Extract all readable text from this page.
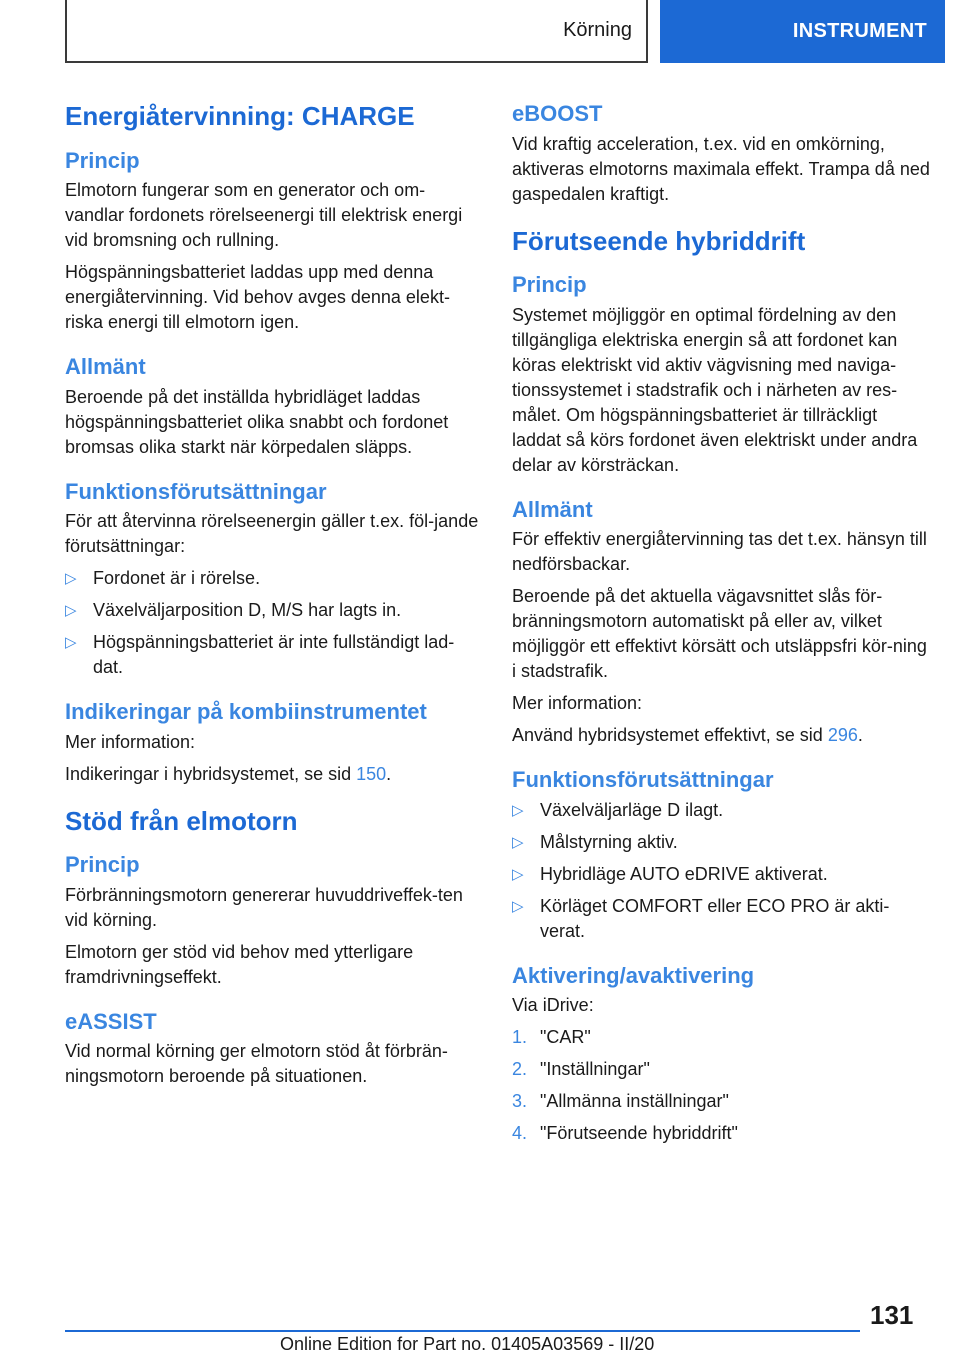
Körning	INSTRUMENT
Energiåtervinning: CHARGE
Princip

Elmotorn fungerar som en generator och om-vandlar fordonets rörelseenergi till elektrisk energi vid bromsning och rullning.

Högspänningsbatteriet laddas upp med denna energiåtervinning. Vid behov avges denna elekt-riska energi till elmotorn igen.

Allmänt

Beroende på det inställda hybridläget laddas högspänningsbatteriet olika snabbt och fordonet bromsas olika starkt när körpedalen släpps.

Funktionsförutsättningar

För att återvinna rörelseenergin gäller t.ex. föl-jande förutsättningar:

▷ Fordonet är i rörelse.
▷ Växelväljarposition D, M/S har lagts in.
▷ Högspänningsbatteriet är inte fullständigt lad-dat.
Indikeringar på kombiinstrumentet

Mer information:

Indikeringar i hybridsystemet, se sid 150.

Stöd från elmotorn
Princip

Förbränningsmotorn genererar huvuddriveffek-ten vid körning.

Elmotorn ger stöd vid behov med ytterligare framdrivningseffekt.

eASSIST

Vid normal körning ger elmotorn stöd åt förbrän-ningsmotorn beroende på situationen.

eBOOST

Vid kraftig acceleration, t.ex. vid en omkörning, aktiveras elmotorns maximala effekt. Trampa då ned gaspedalen kraftigt.

Förutseende hybriddrift
Princip

Systemet möjliggör en optimal fördelning av den tillgängliga elektriska energin så att fordonet kan köras elektriskt vid aktiv vägvisning med naviga-tionssystemet i stadstrafik och i närheten av res-målet. Om högspänningsbatteriet är tillräckligt laddat så körs fordonet även elektriskt under andra delar av körsträckan.

Allmänt

För effektiv energiåtervinning tas det t.ex. hänsyn till nedförsbackar.

Beroende på det aktuella vägavsnittet slås för-bränningsmotorn automatiskt på eller av, vilket möjliggör ett effektivt körsätt och utsläppsfri kör-ning i stadstrafik.

Mer information:

Använd hybridsystemet effektivt, se sid 296.

Funktionsförutsättningar
▷ Växelväljarläge D ilagt.
▷ Målstyrning aktiv.
▷ Hybridläge AUTO eDRIVE aktiverat.
▷ Körläget COMFORT eller ECO PRO är akti-verat.
Aktivering/avaktivering

Via iDrive:

1. "CAR"
2. "Inställningar"
3. "Allmänna inställningar"
4. "Förutseende hybriddrift"
131
Online Edition for Part no. 01405A03569 - II/20
